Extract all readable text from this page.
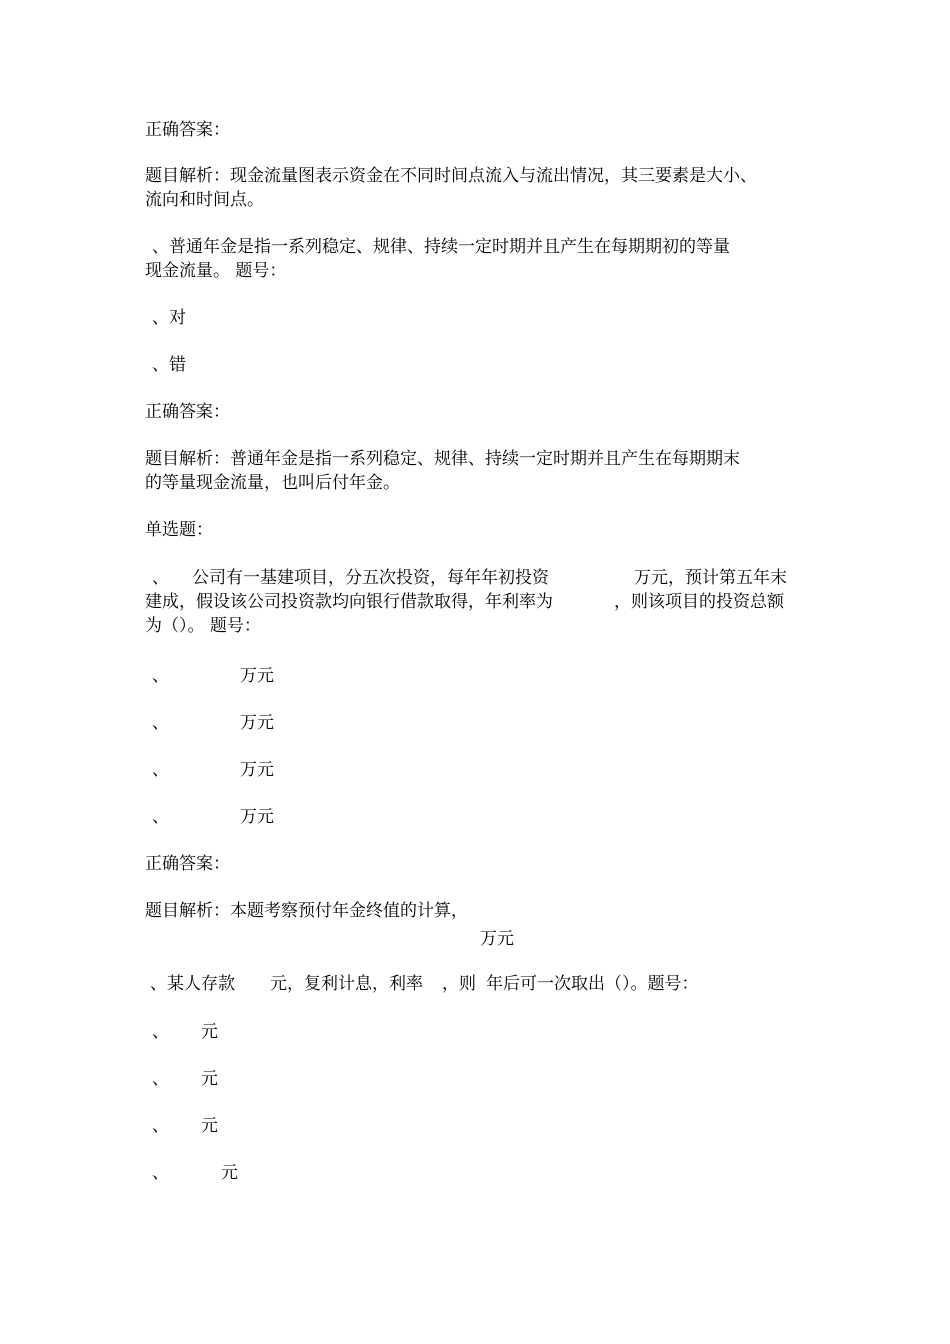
正确答案：
题目解析：现金流量图表示资金在不同时间点流入与流出情况，其三要素是大小、
流向和时间点。
、普通年金是指一系列稳定、规律、持续一定时期并且产生在每期期初的等量
现金流量。 题号：
、对
、错
正确答案：
题目解析：普通年金是指一系列稳定、规律、持续一定时期并且产生在每期期末
的等量现金流量，也叫后付年金。
单选题：
、 公司有一基建项目，分五次投资，每年年初投资	万元，预计第五年末
建成，假设该公司投资款均向银行借款取得，年利率为	，则该项目的投资总额
为（）。 题号：
、	万元
、	万元
、	万元
、	万元
正确答案：
题目解析：本题考察预付年金终值的计算，
万元
、某人存款 元，复利计息，利率 ，则 年后可一次取出（）。题号：
、 元
、 元
、 元
、	元
